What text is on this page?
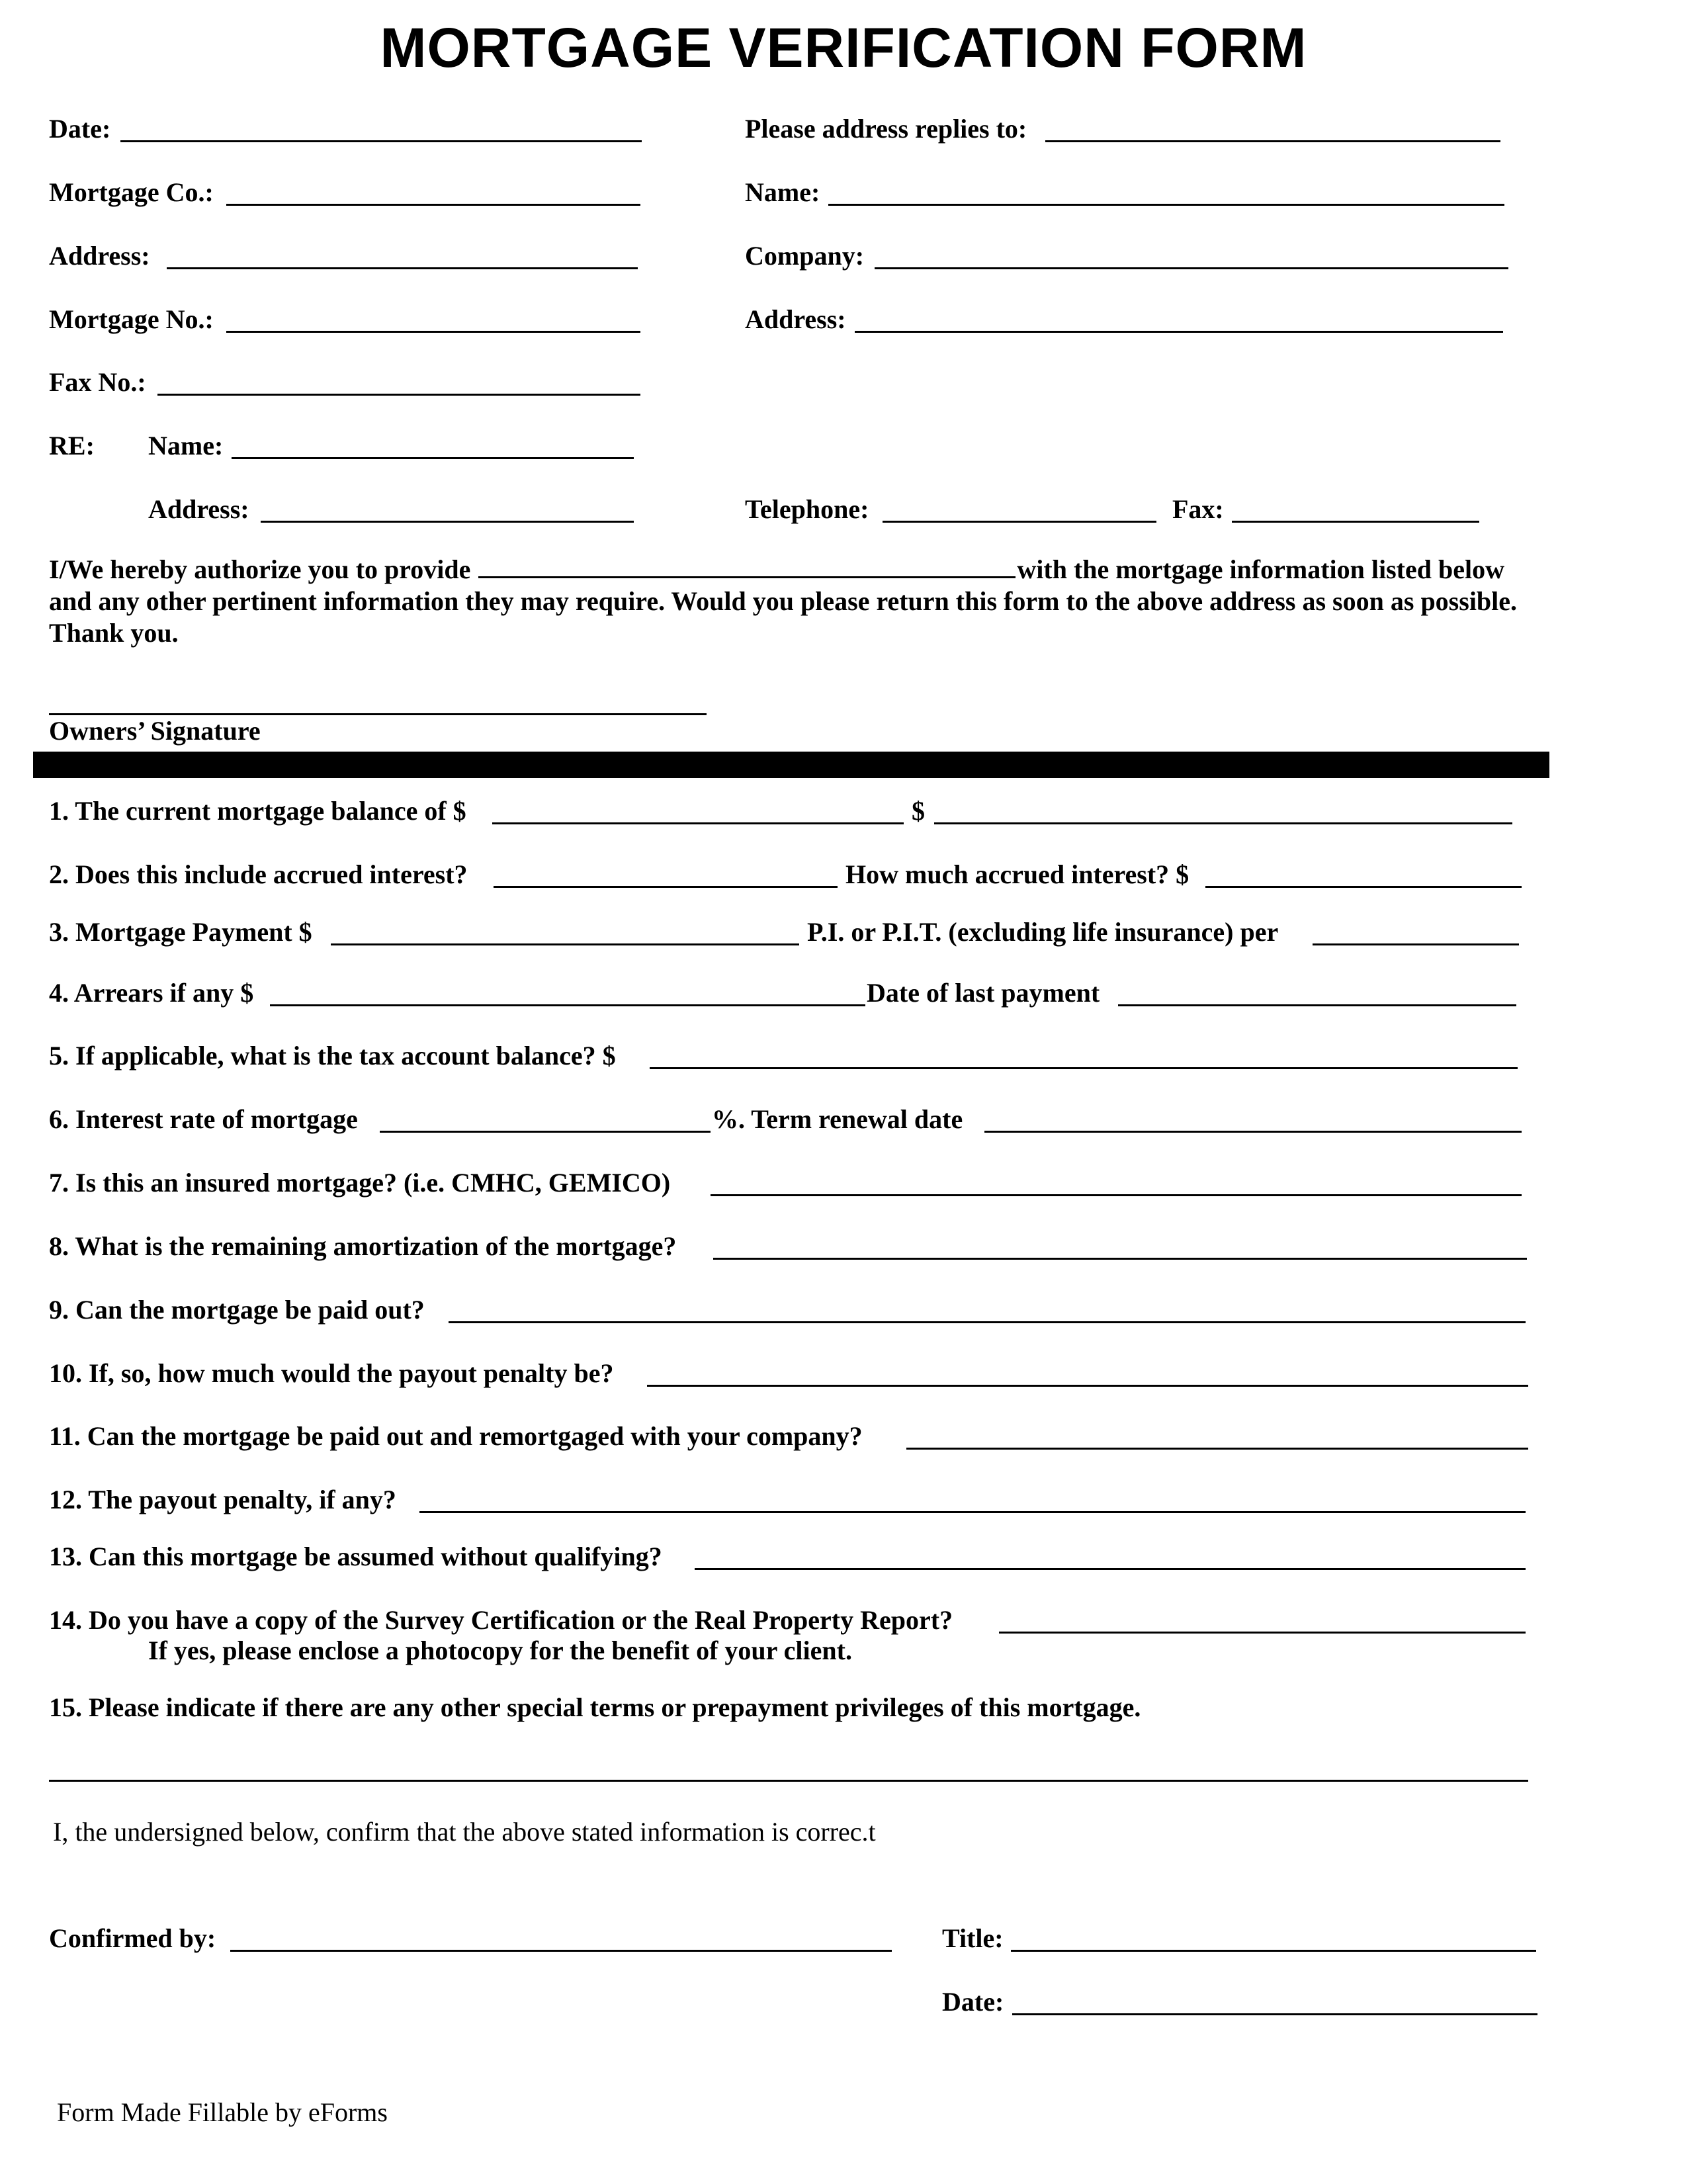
MORTGAGE VERIFICATION FORM
Date:
Mortgage Co.:
Address:
Mortgage No.:
Fax No.:
RE: Name:
Address:
Please address replies to:
Name:
Company:
Address:
Telephone:	Fax:
I/We hereby authorize you to provide	with the mortgage information listed below and any other pertinent information they may require. Would you please return this form to the above address as soon as possible. Thank you.
Owners’ Signature
1. The current mortgage balance of $	$
2. Does this include accrued interest?	How much accrued interest? $
3. Mortgage Payment $	P.I. or P.I.T. (excluding life insurance) per
4. Arrears if any $	Date of last payment
5. If applicable, what is the tax account balance? $
6. Interest rate of mortgage	%. Term renewal date
7. Is this an insured mortgage? (i.e. CMHC, GEMICO)
8. What is the remaining amortization of the mortgage?
9. Can the mortgage be paid out?
10. If, so, how much would the payout penalty be?
11. Can the mortgage be paid out and remortgaged with your company?
12. The payout penalty, if any?
13. Can this mortgage be assumed without qualifying?
14. Do you have a copy of the Survey Certification or the Real Property Report?
If yes, please enclose a photocopy for the benefit of your client.
15. Please indicate if there are any other special terms or prepayment privileges of this mortgage.
I, the undersigned below, confirm that the above stated information is correc.t
Confirmed by:	Title:
Date:
Form Made Fillable by eForms
